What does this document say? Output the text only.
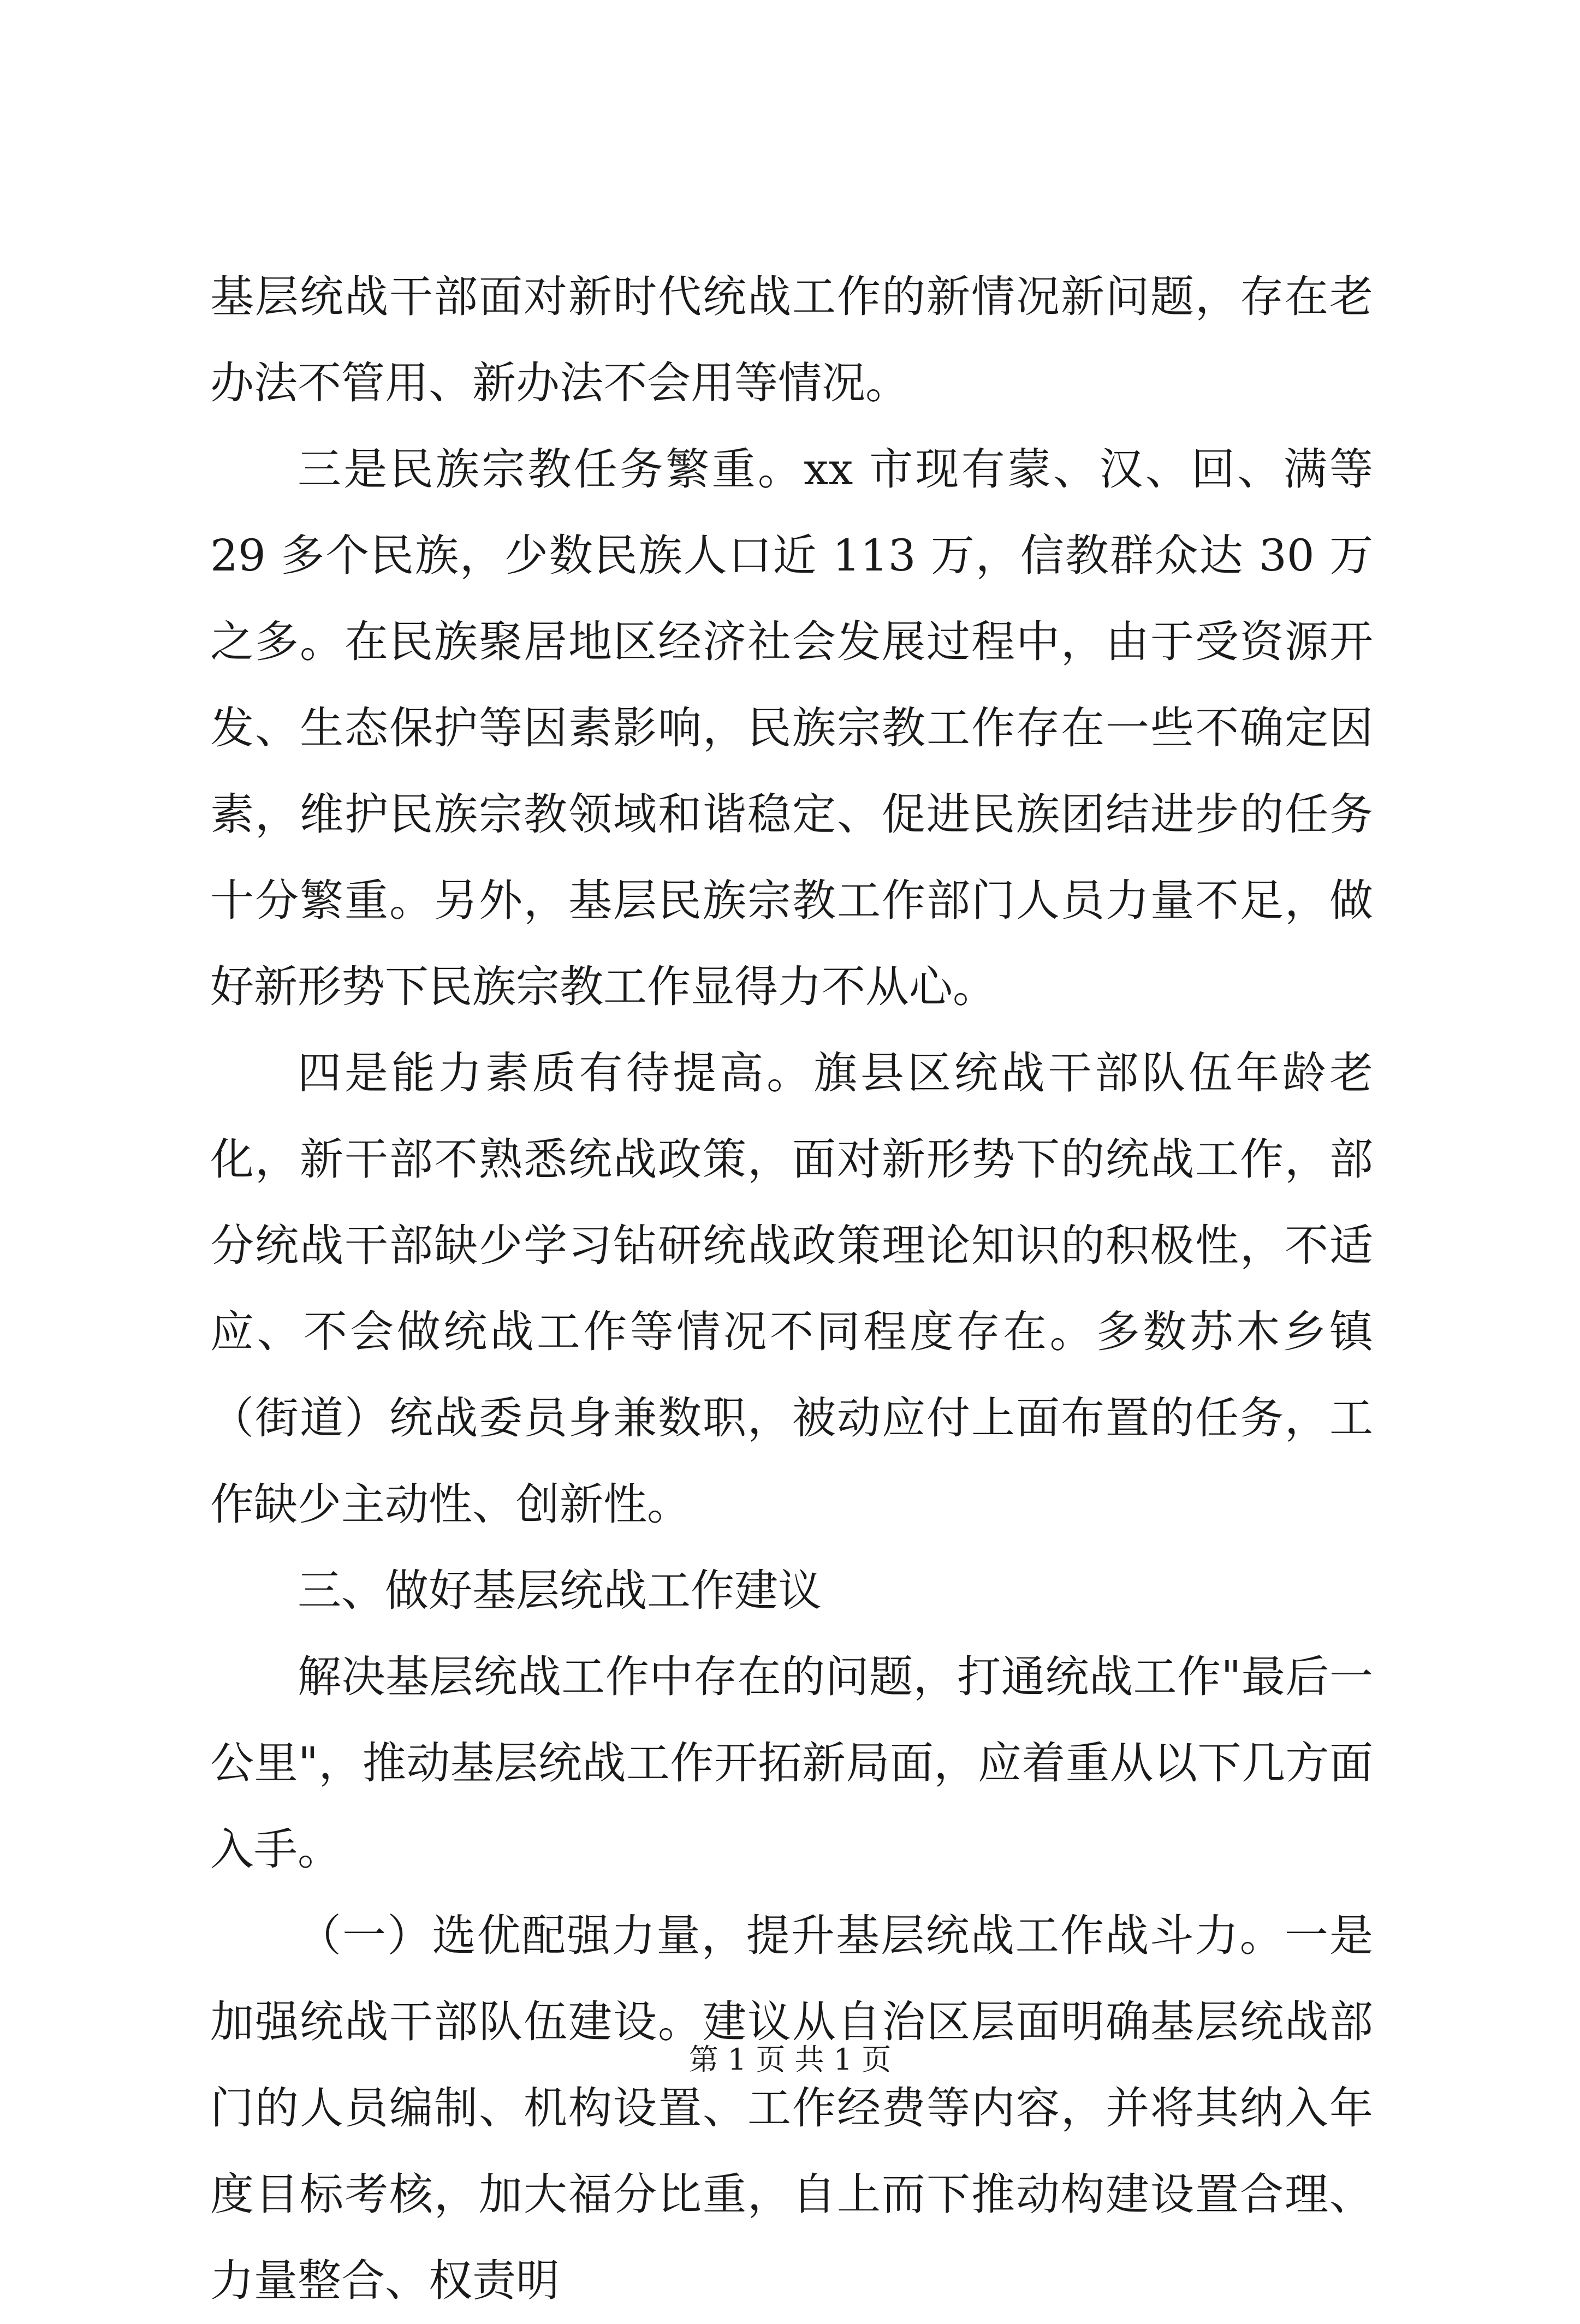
基层统战干部面对新时代统战工作的新情况新问题，存在老办法不管用、新办法不会用等情况。

三是民族宗教任务繁重。xx 市现有蒙、汉、回、满等 29 多个民族，少数民族人口近 113 万，信教群众达 30 万之多。在民族聚居地区经济社会发展过程中，由于受资源开发、生态保护等因素影响，民族宗教工作存在一些不确定因素，维护民族宗教领域和谐稳定、促进民族团结进步的任务十分繁重。另外，基层民族宗教工作部门人员力量不足，做好新形势下民族宗教工作显得力不从心。

四是能力素质有待提高。旗县区统战干部队伍年龄老化，新干部不熟悉统战政策，面对新形势下的统战工作，部分统战干部缺少学习钻研统战政策理论知识的积极性，不适应、不会做统战工作等情况不同程度存在。多数苏木乡镇（街道）统战委员身兼数职，被动应付上面布置的任务，工作缺少主动性、创新性。

三、做好基层统战工作建议

解决基层统战工作中存在的问题，打通统战工作"最后一公里"，推动基层统战工作开拓新局面，应着重从以下几方面入手。

（一）选优配强力量，提升基层统战工作战斗力。一是加强统战干部队伍建设。建议从自治区层面明确基层统战部门的人员编制、机构设置、工作经费等内容，并将其纳入年度目标考核，加大福分比重，自上而下推动构建设置合理、力量整合、权责明

第 1 页 共 1 页
